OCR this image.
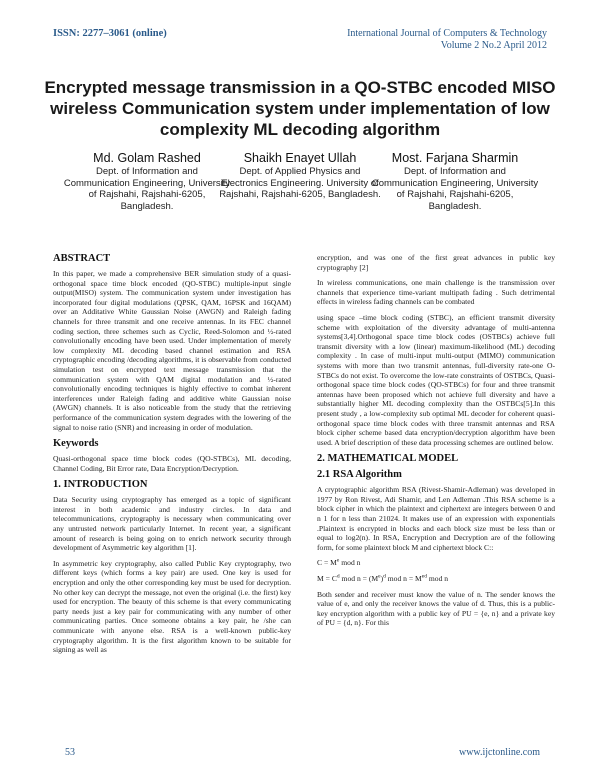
ISSN: 2277–3061 (online)	International Journal of Computers & Technology
Volume 2 No.2 April 2012
Encrypted message transmission in a QO-STBC encoded MISO wireless Communication system under implementation of low complexity ML decoding algorithm
Md. Golam Rashed
Dept. of Information and Communication Engineering, University of Rajshahi, Rajshahi-6205, Bangladesh.
Shaikh Enayet Ullah
Dept. of Applied Physics and Electronics Engineering. University of Rajshahi, Rajshahi-6205, Bangladesh.
Most. Farjana Sharmin
Dept. of Information and Communication Engineering, University of Rajshahi, Rajshahi-6205, Bangladesh.
ABSTRACT

In this paper, we made a comprehensive BER simulation study of a quasi- orthogonal space time block encoded (QO-STBC) multiple-input single output(MISO) system. The communication system under investigation has incorporated four digital modulations (QPSK, QAM, 16PSK and 16QAM) over an Additative White Gaussian Noise (AWGN) and Raleigh fading channels for three transmit and one receive antennas. In its FEC channel coding section, three schemes such as Cyclic, Reed-Solomon and ½-rated convolutionally encoding have been used. Under implementation of merely low complexity ML decoding based channel estimation and RSA cryptographic encoding /decoding algorithms, it is observable from conducted simulation test on encrypted text message transmission that the communication system with QAM digital modulation and ½-rated convolutionally encoding techniques is highly effective to combat inherent interferences under Raleigh fading and additive white Gaussian noise (AWGN) channels. It is also noticeable from the study that the retrieving performance of the communication system degrades with the lowering of the signal to noise ratio (SNR) and increasing in order of modulation.

Keywords

Quasi-orthogonal space time block codes (QO-STBCs), ML decoding, Channel Coding, Bit Error rate, Data Encryption/Decryption.

1. INTRODUCTION

Data Security using cryptography has emerged as a topic of significant interest in both academic and industry circles. In data and telecommunications, cryptography is necessary when communicating over any untrusted network particularly Internet. In recent year, a significant amount of research is being going on to enrich network security through development of Asymmetric key algorithm [1].

In asymmetric key cryptography, also called Public Key cryptography, two different keys (which forms a key pair) are used. One key is used for encryption and only the other corresponding key must be used for decryption. No other key can decrypt the message, not even the original (i.e. the first) key used for encryption. The beauty of this scheme is that every communicating party needs just a key pair for communicating with any number of other communicating parties. Once someone obtains a key pair, he /she can communicate with anyone else. RSA is a well-known public-key cryptography algorithm. It is the first algorithm known to be suitable for signing as well as

encryption, and was one of the first great advances in public key cryptography [2]

In wireless communications, one main challenge is the transmission over channels that experience time-variant multipath fading . Such detrimental effects in wireless fading channels can be combated

using space –time block coding (STBC), an efficient transmit diversity scheme with exploitation of the diversity advantage of multi-antenna systems[3,4].Orthogonal space time block codes (OSTBCs) achieve full transmit diversity with a low (linear) maximum-likelihood (ML) decoding complexity . In case of multi-input multi-output (MIMO) communication systems with more than two transmit antennas, full-diversity rate-one O-STBCs do not exist. To overcome the low-rate constraints of OSTBCs, Quasi-orthogonal space time block codes (QO-STBCs) for four and three transmit antennas have been proposed which not achieve full diversity and have a substantially higher ML decoding complexity than the OSTBCs[5].In this present study , a low-complexity sub optimal ML decoder for coherent quasi-orthogonal space time block codes with three transmit antennas and RSA block cipher scheme based data encryption/decryption algorithm have been used. A brief description of these data processing schemes are outlined below.

2. MATHEMATICAL MODEL
2.1 RSA Algorithm

A cryptographic algorithm RSA (Rivest-Shamir-Adleman) was developed in 1977 by Ron Rivest, Adi Shamir, and Len Adleman .This RSA scheme is a block cipher in which the plaintext and ciphertext are integers between 0 and n 1 for n less than 21024. It makes use of an expression with exponentials .Plaintext is encrypted in blocks and each block size must be less than or equal to log2(n). In RSA, Encryption and Decryption are of the following form, for some plaintext block M and ciphertext block C::

$C = M^e$ mod n
$M = C^d$ mod $n = (M^e)^d$ mod $n = M^{ed}$ mod n

Both sender and receiver must know the value of n. The sender knows the value of e, and only the receiver knows the value of d. Thus, this is a public-key encryption algorithm with a public key of PU = {e, n} and a private key of PU = {d, n}. For this

53	www.ijctonline.com
